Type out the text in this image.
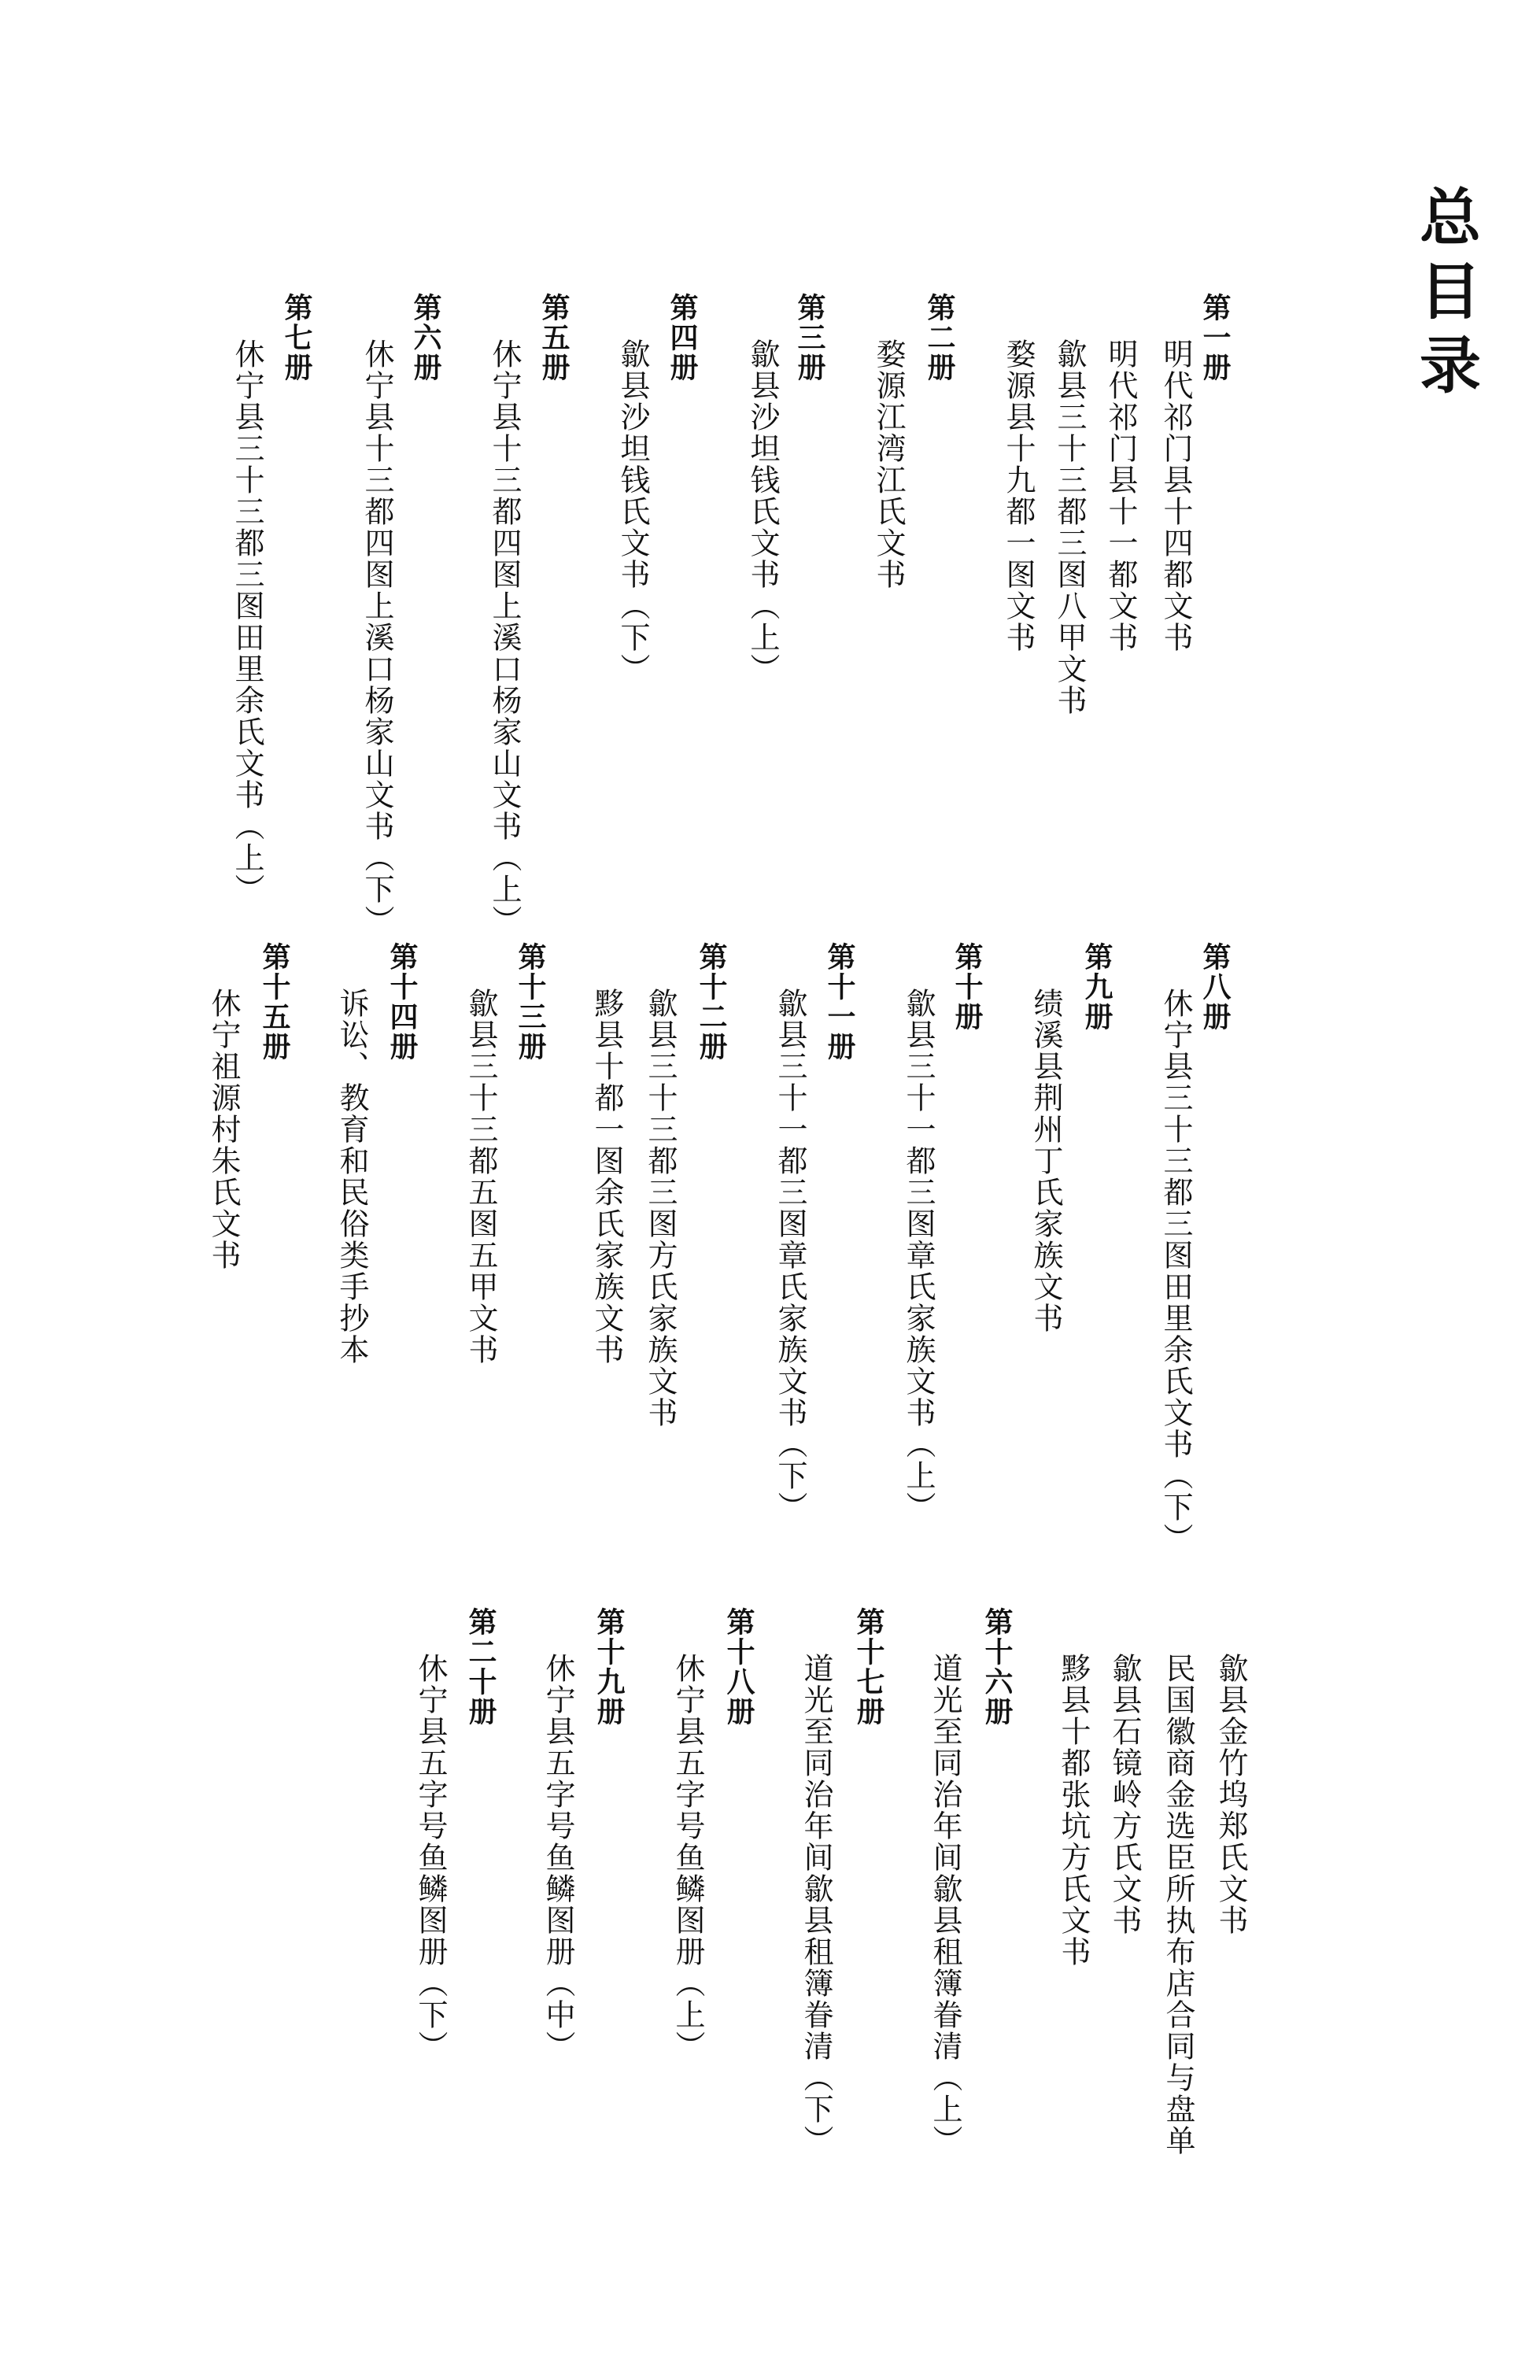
总目录
第一册
明代祁门县十四都文书
明代祁门县十一都文书
歙县三十三都三图八甲文书
婺源县十九都一图文书
第二册
婺源江湾江氏文书
第三册
歙县沙坦钱氏文书（上）
第四册
歙县沙坦钱氏文书（下）
第五册
休宁县十三都四图上溪口杨家山文书（上）
第六册
休宁县十三都四图上溪口杨家山文书（下）
第七册
休宁县三十三都三图田里余氏文书（上）
第八册
休宁县三十三都三图田里余氏文书（下）
第九册
绩溪县荆州丁氏家族文书
第十册
歙县三十一都三图章氏家族文书（上）
第十一册
歙县三十一都三图章氏家族文书（下）
第十二册
歙县三十三都三图方氏家族文书
黟县十都一图余氏家族文书
第十三册
歙县三十三都五图五甲文书
第十四册
诉讼、教育和民俗类手抄本
第十五册
休宁祖源村朱氏文书
歙县金竹坞郑氏文书
民国徽商金选臣所执布店合同与盘单
歙县石镜岭方氏文书
黟县十都张坑方氏文书
第十六册
道光至同治年间歙县租簿眷清（上）
第十七册
道光至同治年间歙县租簿眷清（下）
第十八册
休宁县五字号鱼鳞图册（上）
第十九册
休宁县五字号鱼鳞图册（中）
第二十册
休宁县五字号鱼鳞图册（下）
